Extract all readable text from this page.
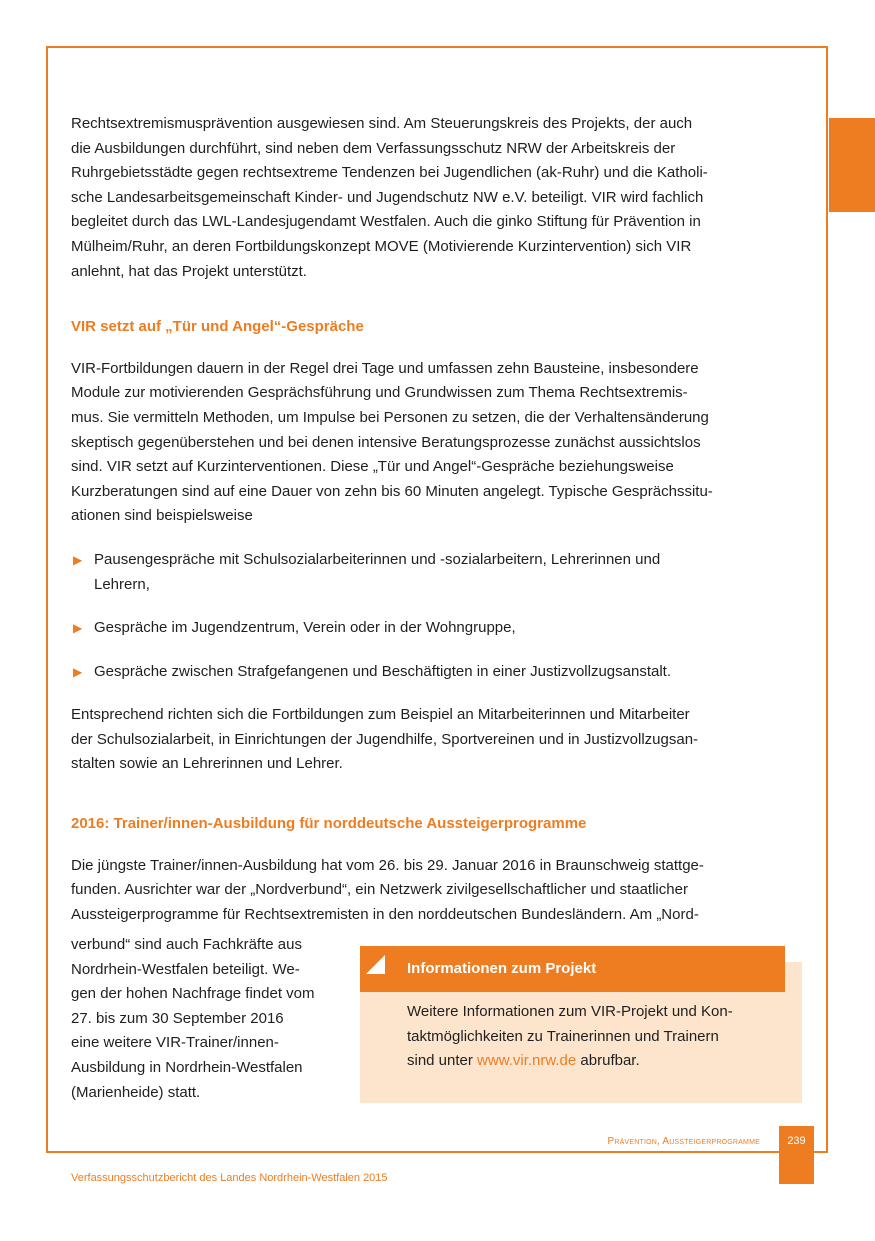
Rechtsextremismusprävention ausgewiesen sind. Am Steuerungskreis des Projekts, der auch
die Ausbildungen durchführt, sind neben dem Verfassungsschutz NRW der Arbeitskreis der
Ruhrgebietsstädte gegen rechtsextreme Tendenzen bei Jugendlichen (ak-Ruhr) und die Katholi-
sche Landesarbeitsgemeinschaft Kinder- und Jugendschutz NW e.V. beteiligt. VIR wird fachlich
begleitet durch das LWL-Landesjugendamt Westfalen. Auch die ginko Stiftung für Prävention in
Mülheim/Ruhr, an deren Fortbildungskonzept MOVE (Motivierende Kurzintervention) sich VIR
anlehnt, hat das Projekt unterstützt.

VIR setzt auf „Tür und Angel“-Gespräche

VIR-Fortbildungen dauern in der Regel drei Tage und umfassen zehn Bausteine, insbesondere
Module zur motivierenden Gesprächsführung und Grundwissen zum Thema Rechtsextremis-
mus. Sie vermitteln Methoden, um Impulse bei Personen zu setzen, die der Verhaltensänderung
skeptisch gegenüberstehen und bei denen intensive Beratungsprozesse zunächst aussichtslos
sind. VIR setzt auf Kurzinterventionen. Diese „Tür und Angel“-Gespräche beziehungsweise
Kurzberatungen sind auf eine Dauer von zehn bis 60 Minuten angelegt. Typische Gesprächssitu-
ationen sind beispielsweise

▶ Pausengespräche mit Schulsozialarbeiterinnen und -sozialarbeitern, Lehrerinnen und
Lehrern,
▶ Gespräche im Jugendzentrum, Verein oder in der Wohngruppe,
▶ Gespräche zwischen Strafgefangenen und Beschäftigten in einer Justizvollzugsanstalt.

Entsprechend richten sich die Fortbildungen zum Beispiel an Mitarbeiterinnen und Mitarbeiter
der Schulsozialarbeit, in Einrichtungen der Jugendhilfe, Sportvereinen und in Justizvollzugsan-
stalten sowie an Lehrerinnen und Lehrer.

2016: Trainer/innen-Ausbildung für norddeutsche Aussteigerprogramme

Die jüngste Trainer/innen-Ausbildung hat vom 26. bis 29. Januar 2016 in Braunschweig stattge-
funden. Ausrichter war der „Nordverbund“, ein Netzwerk zivilgesellschaftlicher und staatlicher
Aussteigerprogramme für Rechtsextremisten in den norddeutschen Bundesländern. Am „Nord-

verbund“ sind auch Fachkräfte aus
Nordrhein-Westfalen beteiligt. We-
gen der hohen Nachfrage findet vom
27. bis zum 30 September 2016
eine weitere VIR-Trainer/innen-
Ausbildung in Nordrhein-Westfalen
(Marienheide) statt.
Informationen zum Projekt
Weitere Informationen zum VIR-Projekt und Kon-
taktmöglichkeiten zu Trainerinnen und Trainern
sind unter www.vir.nrw.de abrufbar.
Prävention, Aussteigerprogramme	239
Verfassungsschutzbericht des Landes Nordrhein-Westfalen 2015
